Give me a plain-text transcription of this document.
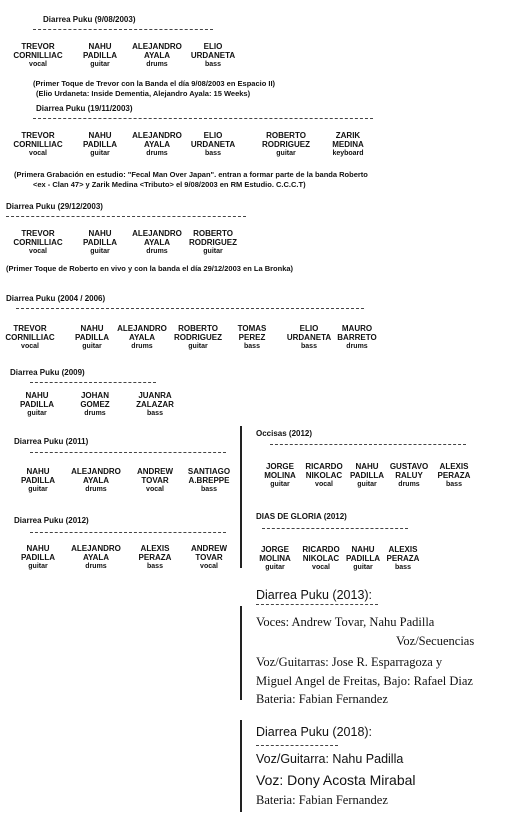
Diarrea Puku (9/08/2003)
TREVOR
CORNILLIAC
vocal
NAHU
PADILLA
guitar
ALEJANDRO
AYALA
drums
ELIO
URDANETA
bass
(Primer Toque de Trevor con la Banda el día 9/08/2003 en Espacio II)
(Elio Urdaneta: Inside Dementia, Alejandro Ayala: 15 Weeks)
Diarrea Puku (19/11/2003)
TREVOR
CORNILLIAC
vocal
NAHU
PADILLA
guitar
ALEJANDRO
AYALA
drums
ELIO
URDANETA
bass
ROBERTO
RODRIGUEZ
guitar
ZARIK
MEDINA
keyboard
(Primera Grabación en estudio: "Fecal Man Over Japan". entran a formar parte de la banda Roberto
<ex - Clan 47> y Zarik Medina <Tributo> el 9/08/2003 en RM Estudio. C.C.C.T)
Diarrea Puku (29/12/2003)
TREVOR
CORNILLIAC
vocal
NAHU
PADILLA
guitar
ALEJANDRO
AYALA
drums
ROBERTO
RODRIGUEZ
guitar
(Primer Toque de Roberto en vivo y con la banda el día 29/12/2003 en La Bronka)
Diarrea Puku (2004 / 2006)
TREVOR
CORNILLIAC
vocal
NAHU
PADILLA
guitar
ALEJANDRO
AYALA
drums
ROBERTO
RODRIGUEZ
guitar
TOMAS
PEREZ
bass
ELIO
URDANETA
bass
MAURO
BARRETO
drums
Diarrea Puku (2009)
NAHU
PADILLA
guitar
JOHAN
GOMEZ
drums
JUANRA
ZALAZAR
bass
Diarrea Puku (2011)
NAHU
PADILLA
guitar
ALEJANDRO
AYALA
drums
ANDREW
TOVAR
vocal
SANTIAGO
A.BREPPE
bass
Diarrea Puku (2012)
NAHU
PADILLA
guitar
ALEJANDRO
AYALA
drums
ALEXIS
PERAZA
bass
ANDREW
TOVAR
vocal
Occisas (2012)
JORGE
MOLINA
guitar
RICARDO
NIKOLAC
vocal
NAHU
PADILLA
guitar
GUSTAVO
RALUY
drums
ALEXIS
PERAZA
bass
DIAS DE GLORIA (2012)
JORGE
MOLINA
guitar
RICARDO
NIKOLAC
vocal
NAHU
PADILLA
guitar
ALEXIS
PERAZA
bass
Diarrea Puku (2013):
Voces: Andrew Tovar, Nahu Padilla
Voz/Secuencias
Voz/Guitarras: Jose R. Esparragoza y
Miguel Angel de Freitas, Bajo: Rafael Diaz
Bateria: Fabian Fernandez
Diarrea Puku (2018):
Voz/Guitarra: Nahu Padilla
Voz: Dony Acosta Mirabal
Bateria: Fabian Fernandez
